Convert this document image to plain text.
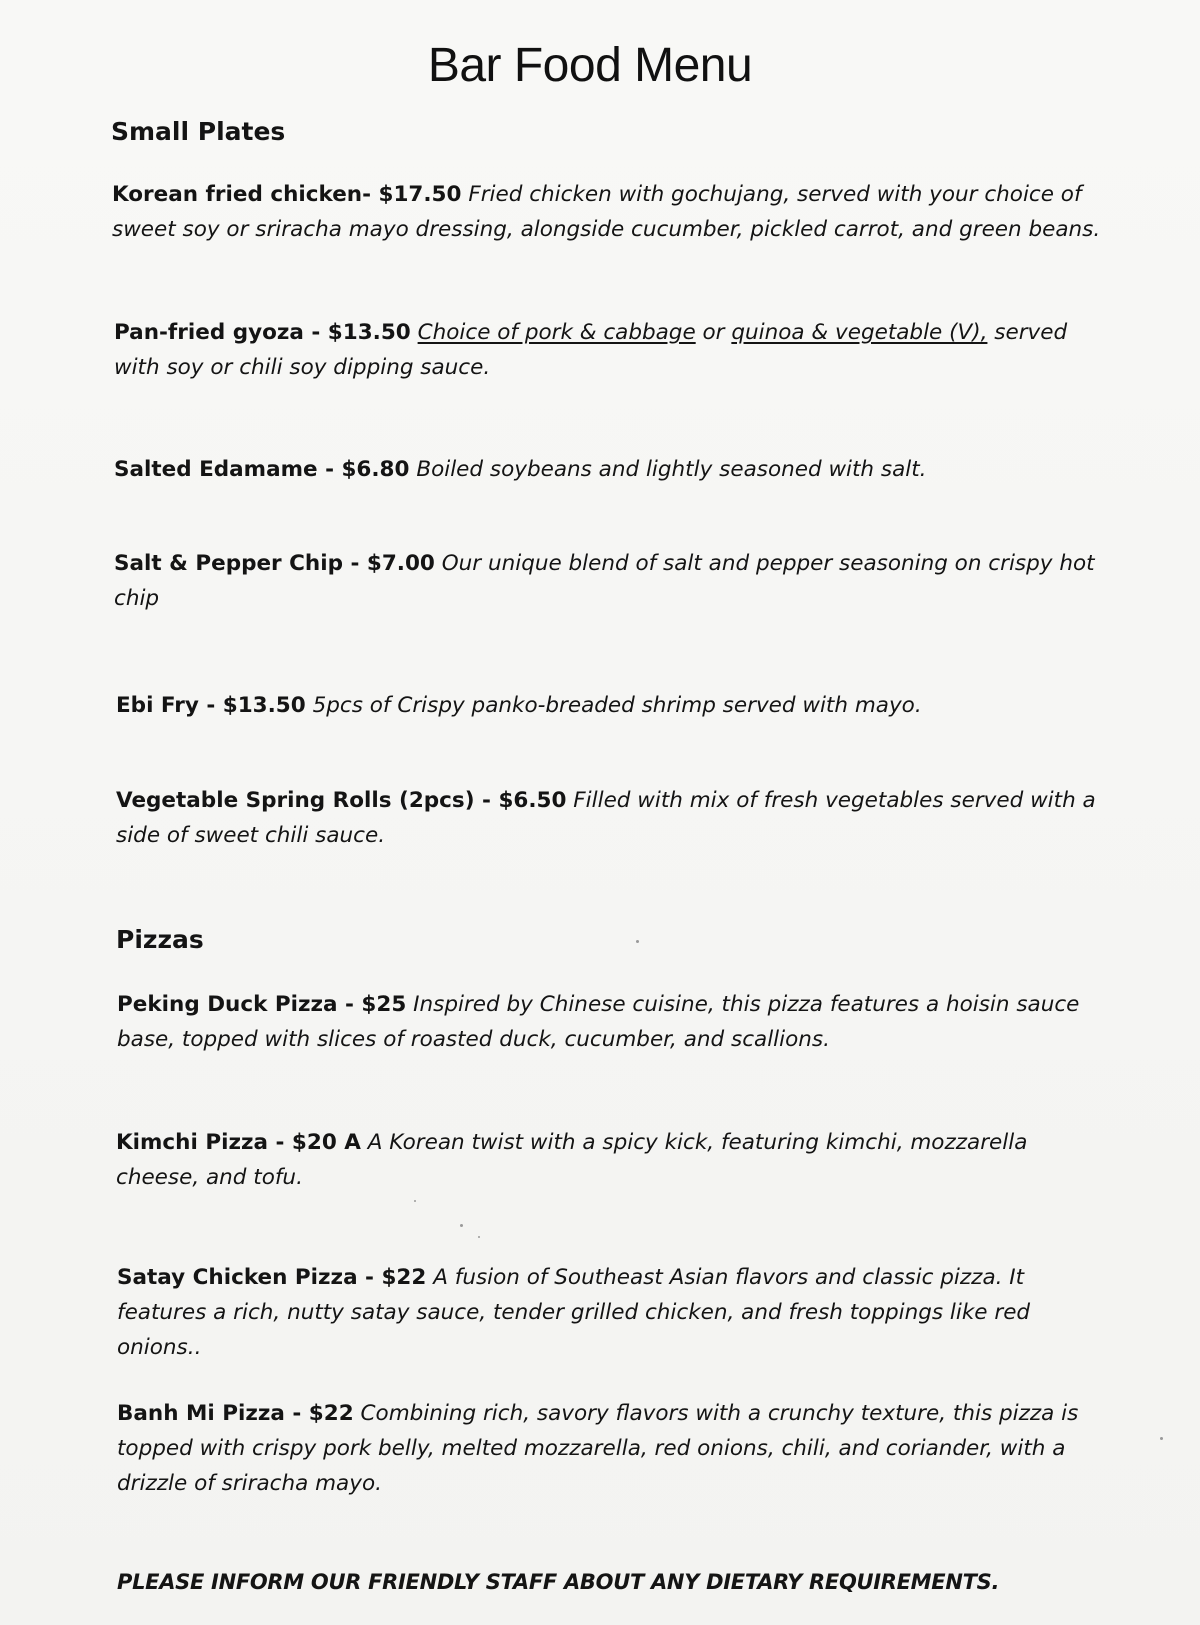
Bar Food Menu
Small Plates
Korean fried chicken- $17.50 Fried chicken with gochujang, served with your choice of sweet soy or sriracha mayo dressing, alongside cucumber, pickled carrot, and green beans.
Pan-fried gyoza - $13.50 Choice of pork & cabbage or quinoa & vegetable (V), served with soy or chili soy dipping sauce.
Salted Edamame - $6.80 Boiled soybeans and lightly seasoned with salt.
Salt & Pepper Chip - $7.00 Our unique blend of salt and pepper seasoning on crispy hot chip
Ebi Fry - $13.50 5pcs of Crispy panko-breaded shrimp served with mayo.
Vegetable Spring Rolls (2pcs) - $6.50 Filled with mix of fresh vegetables served with a side of sweet chili sauce.
Pizzas
Peking Duck Pizza - $25 Inspired by Chinese cuisine, this pizza features a hoisin sauce base, topped with slices of roasted duck, cucumber, and scallions.
Kimchi Pizza - $20 A A Korean twist with a spicy kick, featuring kimchi, mozzarella cheese, and tofu.
Satay Chicken Pizza - $22 A fusion of Southeast Asian flavors and classic pizza. It features a rich, nutty satay sauce, tender grilled chicken, and fresh toppings like red onions..
Banh Mi Pizza - $22 Combining rich, savory flavors with a crunchy texture, this pizza is topped with crispy pork belly, melted mozzarella, red onions, chili, and coriander, with a drizzle of sriracha mayo.
PLEASE INFORM OUR FRIENDLY STAFF ABOUT ANY DIETARY REQUIREMENTS.
